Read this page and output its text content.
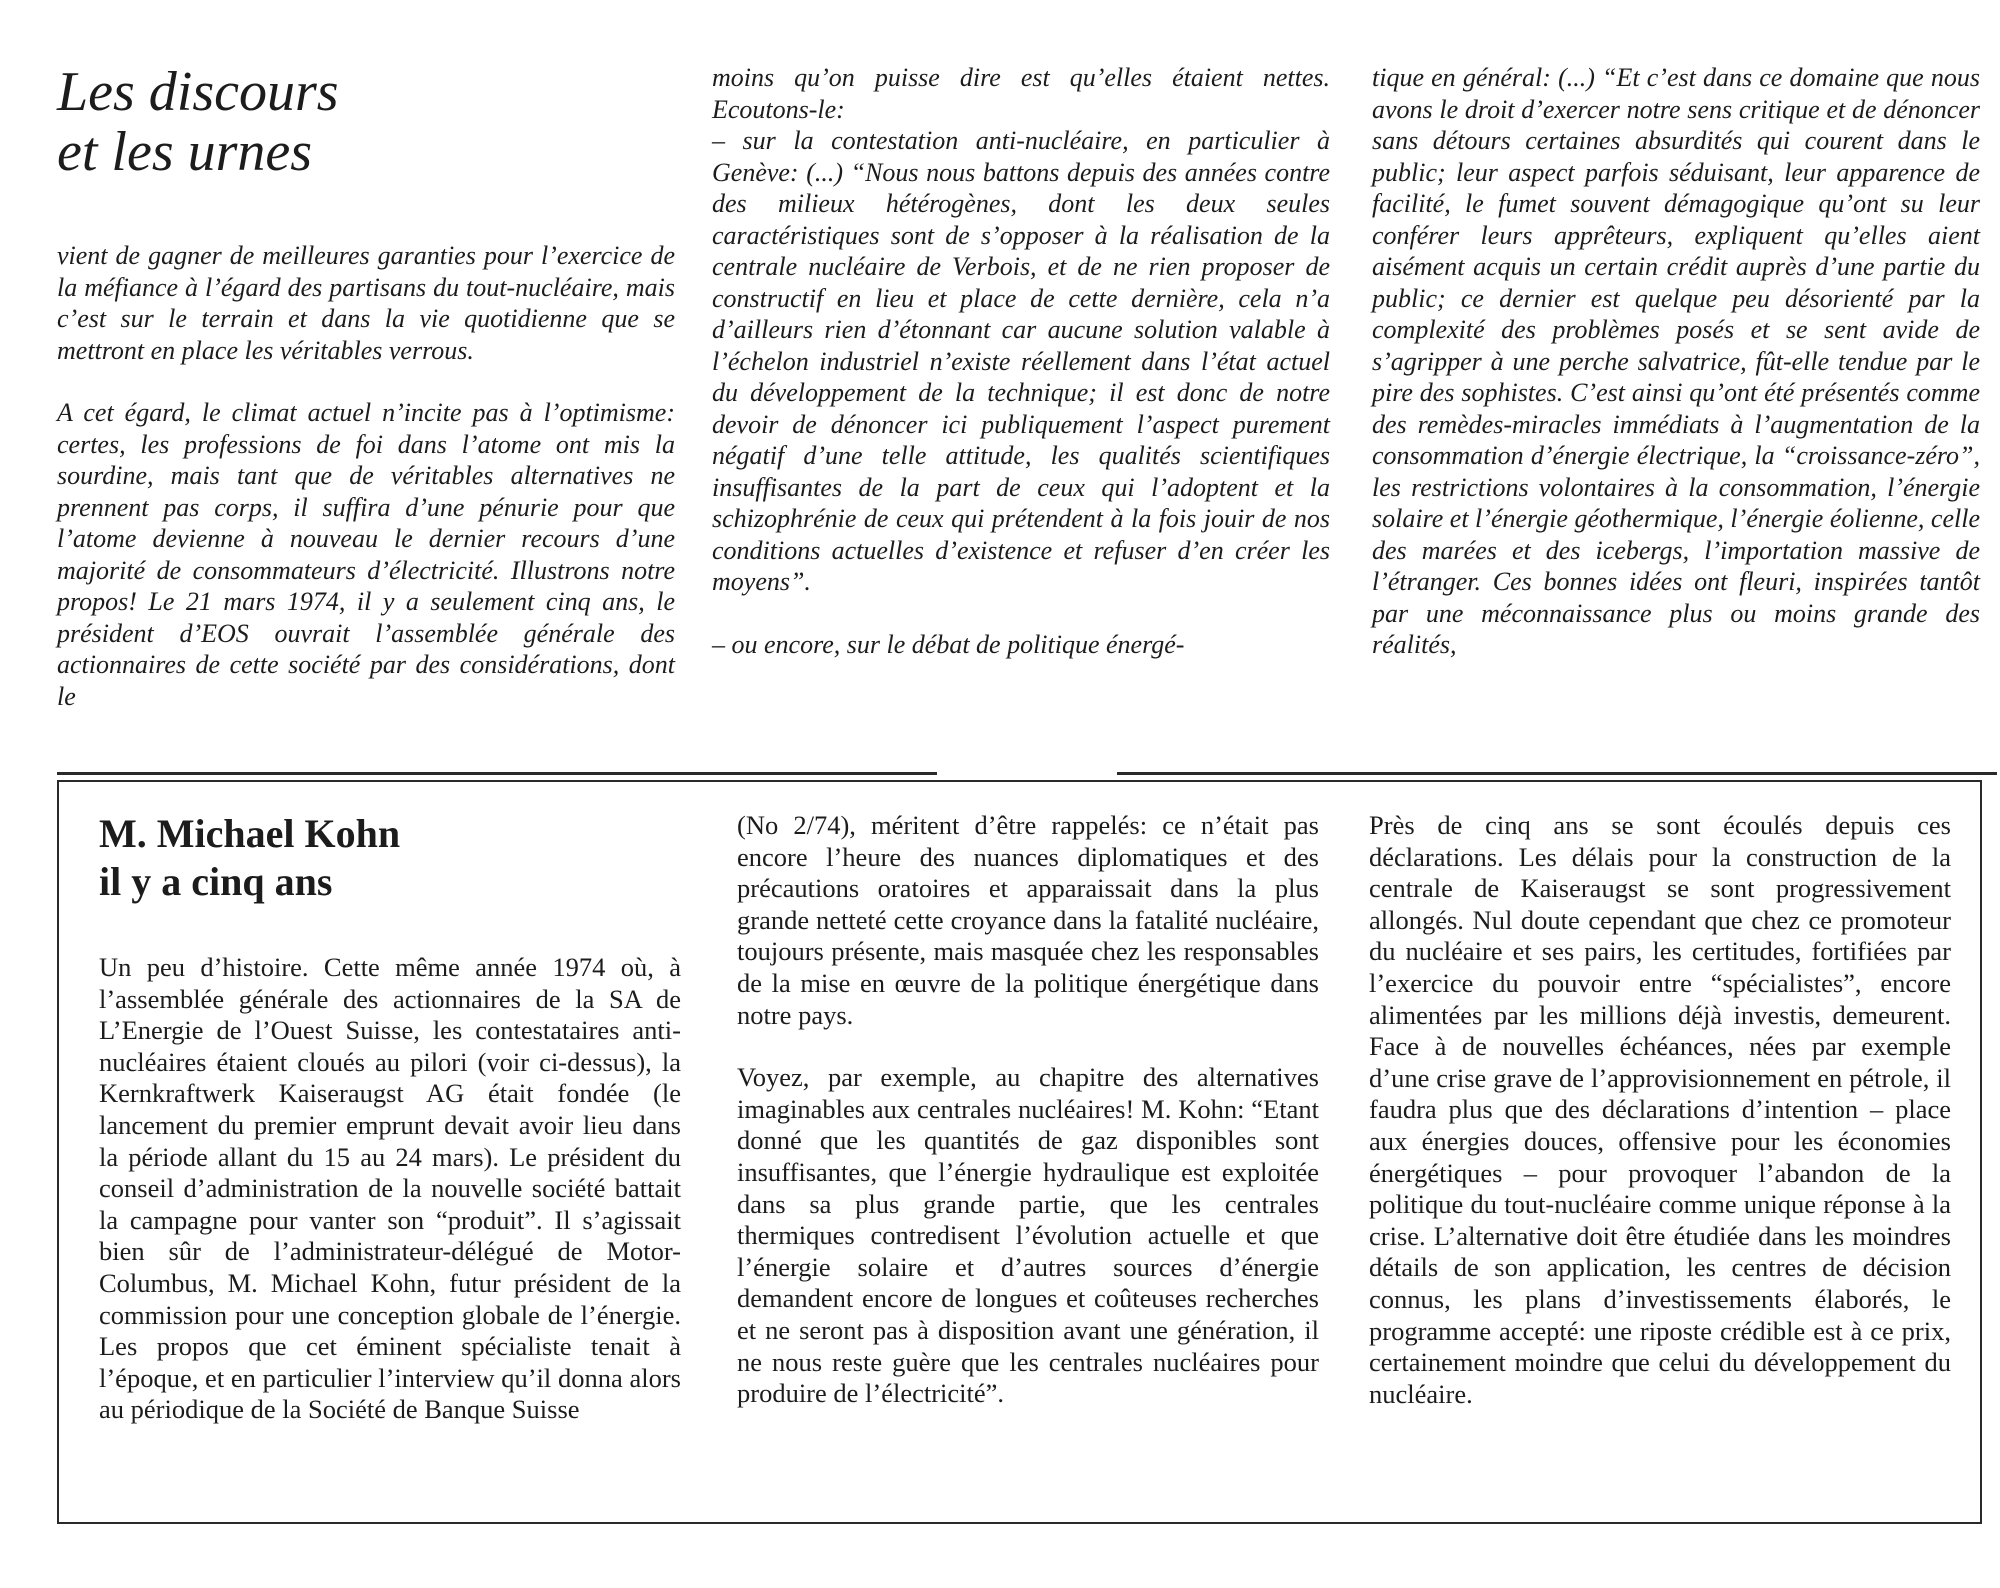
Les discours
et les urnes

vient de gagner de meilleures garanties pour l’exercice de la méfiance à l’égard des partisans du tout-nucléaire, mais c’est sur le terrain et dans la vie quotidienne que se mettront en place les véritables verrous.

A cet égard, le climat actuel n’incite pas à l’optimisme: certes, les professions de foi dans l’atome ont mis la sourdine, mais tant que de véritables alternatives ne prennent pas corps, il suffira d’une pénurie pour que l’atome devienne à nouveau le dernier recours d’une majorité de consommateurs d’électricité. Illustrons notre propos! Le 21 mars 1974, il y a seulement cinq ans, le président d’EOS ouvrait l’assemblée générale des actionnaires de cette société par des considérations, dont le

moins qu’on puisse dire est qu’elles étaient nettes. Ecoutons-le:

– sur la contestation anti-nucléaire, en particulier à Genève: (...) “Nous nous battons depuis des années contre des milieux hétérogènes, dont les deux seules caractéristiques sont de s’opposer à la réalisation de la centrale nucléaire de Verbois, et de ne rien proposer de constructif en lieu et place de cette dernière, cela n’a d’ailleurs rien d’étonnant car aucune solution valable à l’échelon industriel n’existe réellement dans l’état actuel du développement de la technique; il est donc de notre devoir de dénoncer ici publiquement l’aspect purement négatif d’une telle attitude, les qualités scientifiques insuffisantes de la part de ceux qui l’adoptent et la schizophrénie de ceux qui prétendent à la fois jouir de nos conditions actuelles d’existence et refuser d’en créer les moyens”.

– ou encore, sur le débat de politique énergé-

tique en général: (...) “Et c’est dans ce domaine que nous avons le droit d’exercer notre sens critique et de dénoncer sans détours certaines absurdités qui courent dans le public; leur aspect parfois séduisant, leur apparence de facilité, le fumet souvent démagogique qu’ont su leur conférer leurs apprêteurs, expliquent qu’elles aient aisément acquis un certain crédit auprès d’une partie du public; ce dernier est quelque peu désorienté par la complexité des problèmes posés et se sent avide de s’agripper à une perche salvatrice, fût-elle tendue par le pire des sophistes. C’est ainsi qu’ont été présentés comme des remèdes-miracles immédiats à l’augmentation de la consommation d’énergie électrique, la “croissance-zéro”, les restrictions volontaires à la consommation, l’énergie solaire et l’énergie géothermique, l’énergie éolienne, celle des marées et des icebergs, l’importation massive de l’étranger. Ces bonnes idées ont fleuri, inspirées tantôt par une méconnaissance plus ou moins grande des réalités,

M. Michael Kohn
il y a cinq ans

Un peu d’histoire. Cette même année 1974 où, à l’assemblée générale des actionnaires de la SA de L’Energie de l’Ouest Suisse, les contestataires anti-nucléaires étaient cloués au pilori (voir ci-dessus), la Kernkraftwerk Kaiseraugst AG était fondée (le lancement du premier emprunt devait avoir lieu dans la période allant du 15 au 24 mars). Le président du conseil d’administration de la nouvelle société battait la campagne pour vanter son “produit”. Il s’agissait bien sûr de l’administrateur-délégué de Motor-Columbus, M. Michael Kohn, futur président de la commission pour une conception globale de l’énergie. Les propos que cet éminent spécialiste tenait à l’époque, et en particulier l’interview qu’il donna alors au périodique de la Société de Banque Suisse

(No 2/74), méritent d’être rappelés: ce n’était pas encore l’heure des nuances diplomatiques et des précautions oratoires et apparaissait dans la plus grande netteté cette croyance dans la fatalité nucléaire, toujours présente, mais masquée chez les responsables de la mise en œuvre de la politique énergétique dans notre pays.

Voyez, par exemple, au chapitre des alternatives imaginables aux centrales nucléaires! M. Kohn: “Etant donné que les quantités de gaz disponibles sont insuffisantes, que l’énergie hydraulique est exploitée dans sa plus grande partie, que les centrales thermiques contredisent l’évolution actuelle et que l’énergie solaire et d’autres sources d’énergie demandent encore de longues et coûteuses recherches et ne seront pas à disposition avant une génération, il ne nous reste guère que les centrales nucléaires pour produire de l’électricité”.

Près de cinq ans se sont écoulés depuis ces déclarations. Les délais pour la construction de la centrale de Kaiseraugst se sont progressivement allongés. Nul doute cependant que chez ce promoteur du nucléaire et ses pairs, les certitudes, fortifiées par l’exercice du pouvoir entre “spécialistes”, encore alimentées par les millions déjà investis, demeurent. Face à de nouvelles échéances, nées par exemple d’une crise grave de l’approvisionnement en pétrole, il faudra plus que des déclarations d’intention – place aux énergies douces, offensive pour les économies énergétiques – pour provoquer l’abandon de la politique du tout-nucléaire comme unique réponse à la crise. L’alternative doit être étudiée dans les moindres détails de son application, les centres de décision connus, les plans d’investissements élaborés, le programme accepté: une riposte crédible est à ce prix, certainement moindre que celui du développement du nucléaire.
